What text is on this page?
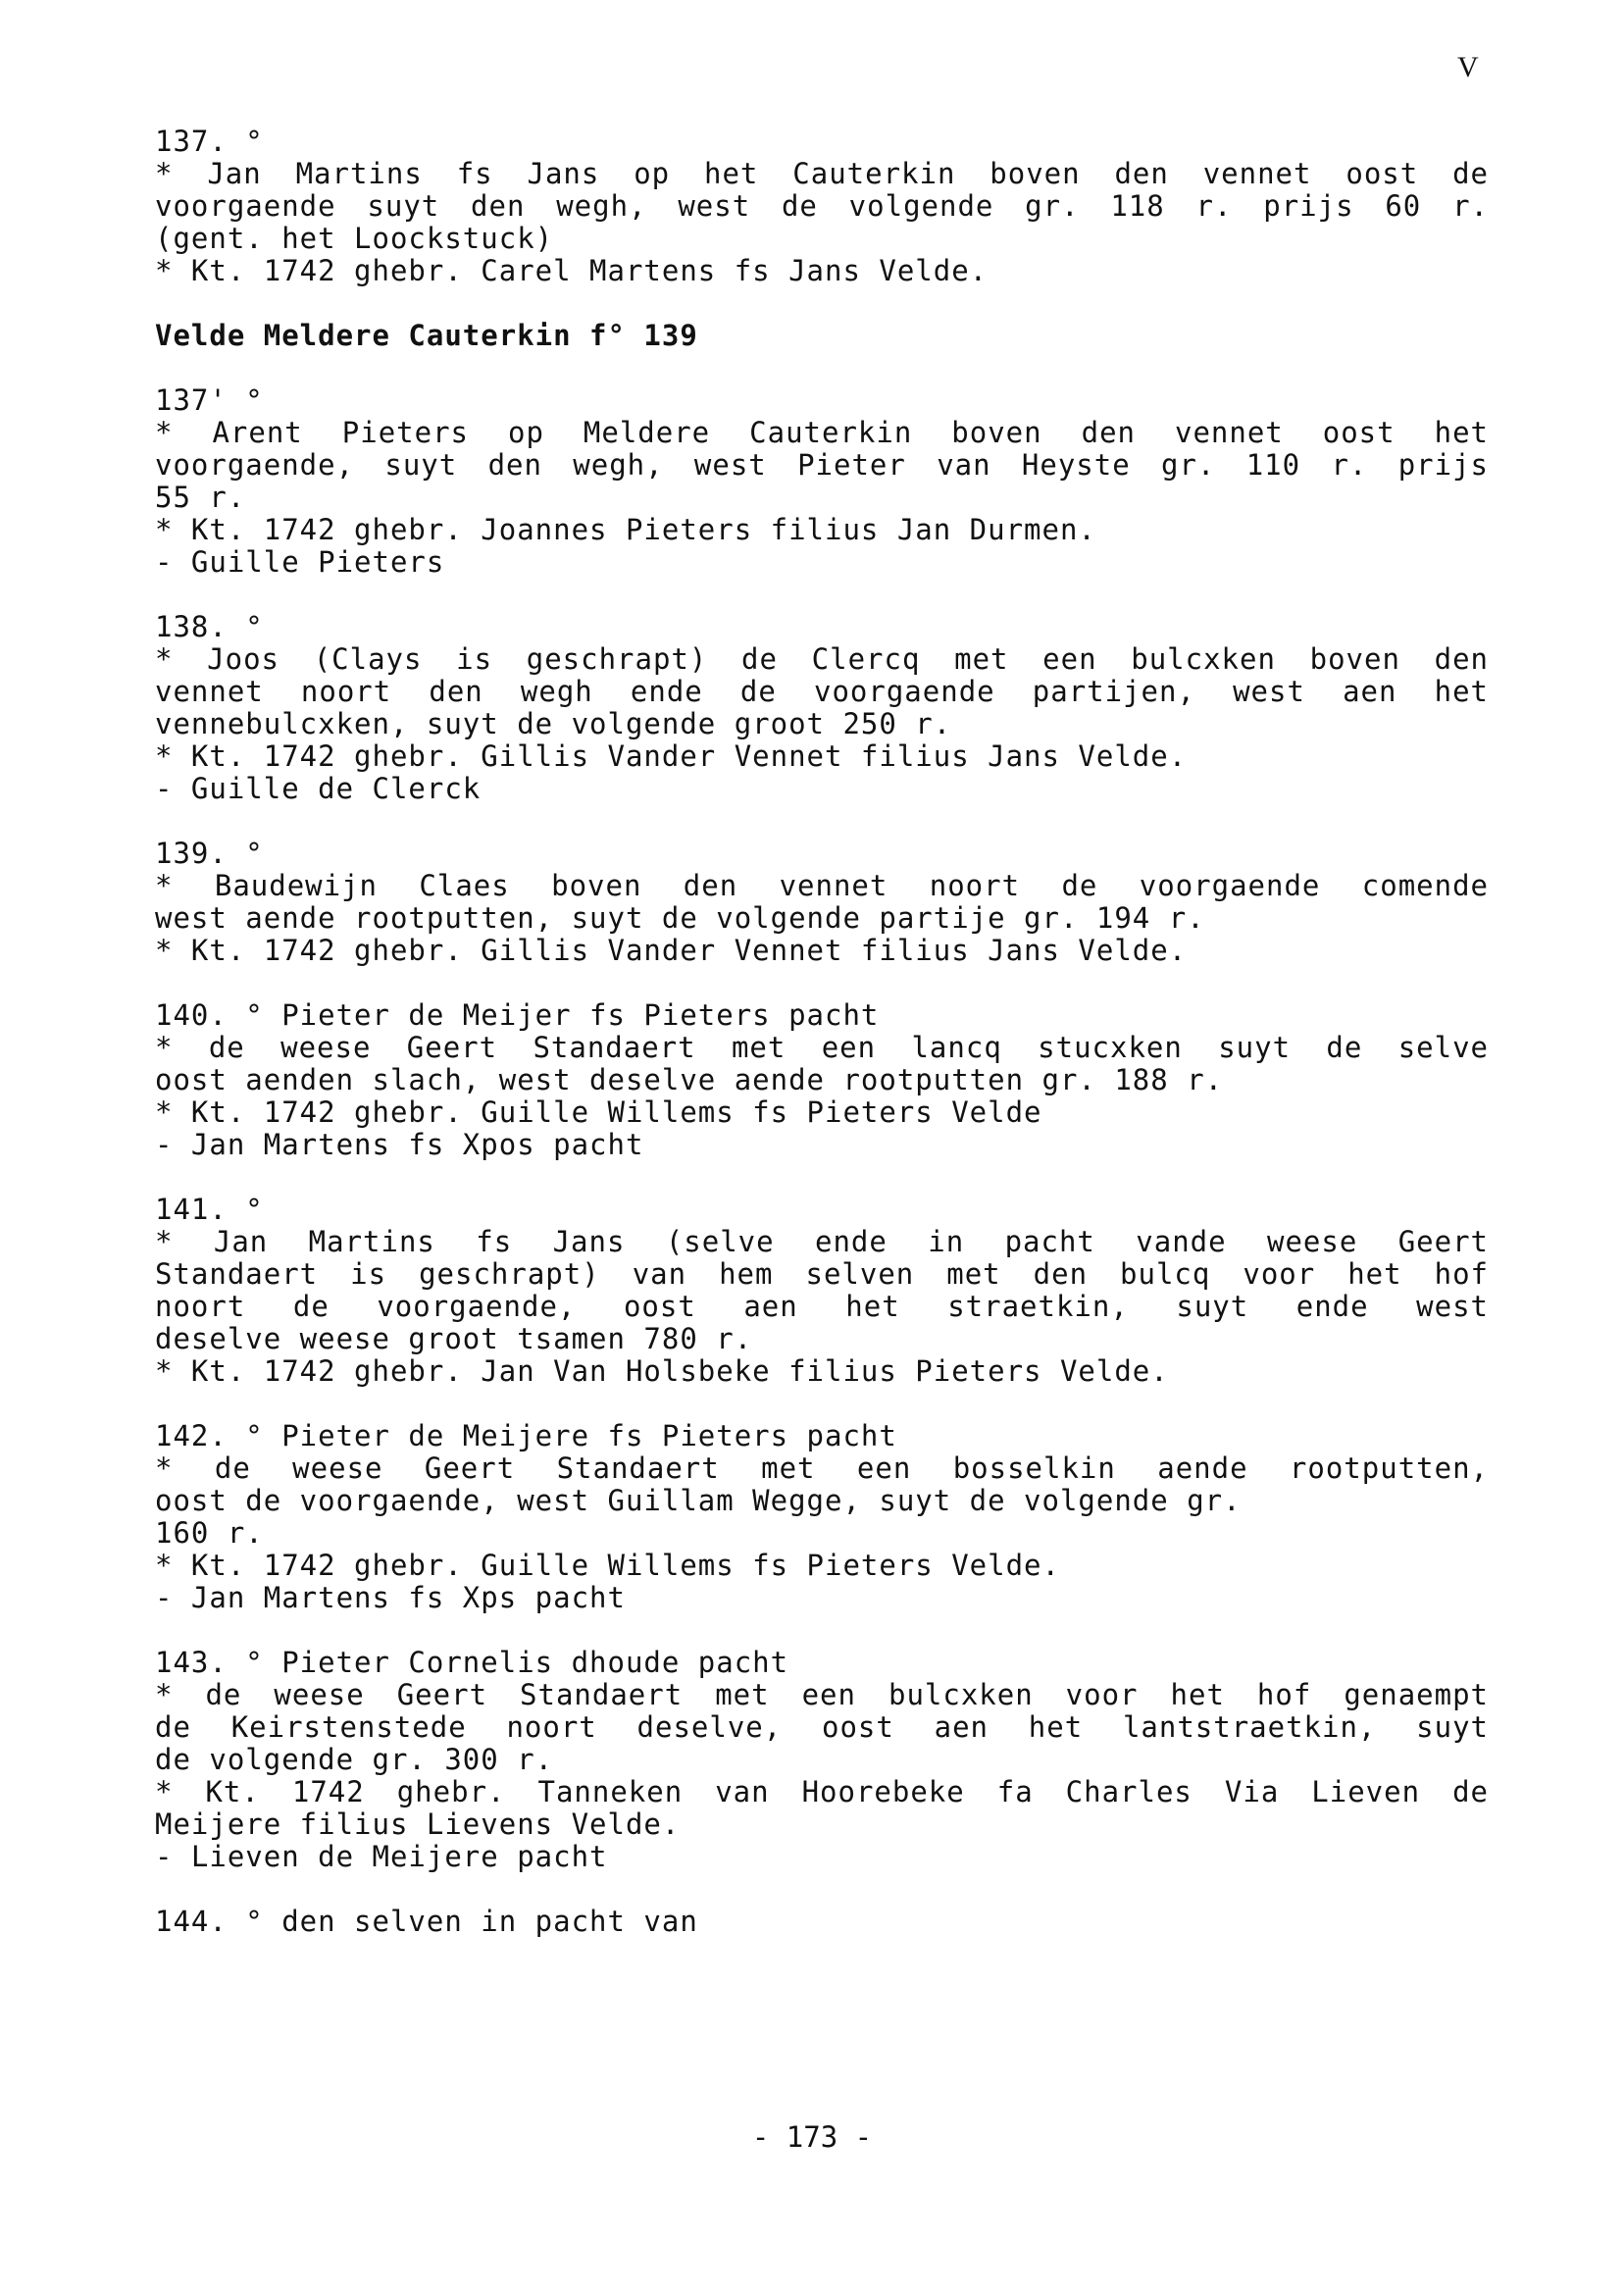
V
137. °
* Jan Martins fs Jans op het Cauterkin boven den vennet oost de
voorgaende suyt den wegh, west de volgende gr. 118 r. prijs 60 r.
(gent. het Loockstuck)
* Kt. 1742 ghebr. Carel Martens fs Jans Velde.
Velde Meldere Cauterkin f° 139
137' °
* Arent Pieters op Meldere Cauterkin boven den vennet oost het
voorgaende, suyt den wegh, west Pieter van Heyste gr. 110 r. prijs
55 r.
* Kt. 1742 ghebr. Joannes Pieters filius Jan Durmen.
- Guille Pieters
138. °
* Joos (Clays is geschrapt) de Clercq met een bulcxken boven den
vennet noort den wegh ende de voorgaende partijen, west aen het
vennebulcxken, suyt de volgende groot 250 r.
* Kt. 1742 ghebr. Gillis Vander Vennet filius Jans Velde.
- Guille de Clerck
139. °
* Baudewijn Claes boven den vennet noort de voorgaende comende
west aende rootputten, suyt de volgende partije gr. 194 r.
* Kt. 1742 ghebr. Gillis Vander Vennet filius Jans Velde.
140. ° Pieter de Meijer fs Pieters pacht
* de weese Geert Standaert met een lancq stucxken suyt de selve
oost aenden slach, west deselve aende rootputten gr. 188 r.
* Kt. 1742 ghebr. Guille Willems fs Pieters Velde
- Jan Martens fs Xpos pacht
141. °
* Jan Martins fs Jans (selve ende in pacht vande weese Geert
Standaert is geschrapt) van hem selven met den bulcq voor het hof
noort de voorgaende, oost aen het straetkin, suyt ende west
deselve weese groot tsamen 780 r.
* Kt. 1742 ghebr. Jan Van Holsbeke filius Pieters Velde.
142. ° Pieter de Meijere fs Pieters pacht
* de weese Geert Standaert met een bosselkin aende rootputten,
oost de voorgaende, west Guillam Wegge, suyt de volgende gr.
160 r.
* Kt. 1742 ghebr. Guille Willems fs Pieters Velde.
- Jan Martens fs Xps pacht
143. ° Pieter Cornelis dhoude pacht
* de weese Geert Standaert met een bulcxken voor het hof genaempt
de Keirstenstede noort deselve, oost aen het lantstraetkin, suyt
de volgende gr. 300 r.
* Kt. 1742 ghebr. Tanneken van Hoorebeke fa Charles Via Lieven de
Meijere filius Lievens Velde.
- Lieven de Meijere pacht
144. ° den selven in pacht van
- 173 -
